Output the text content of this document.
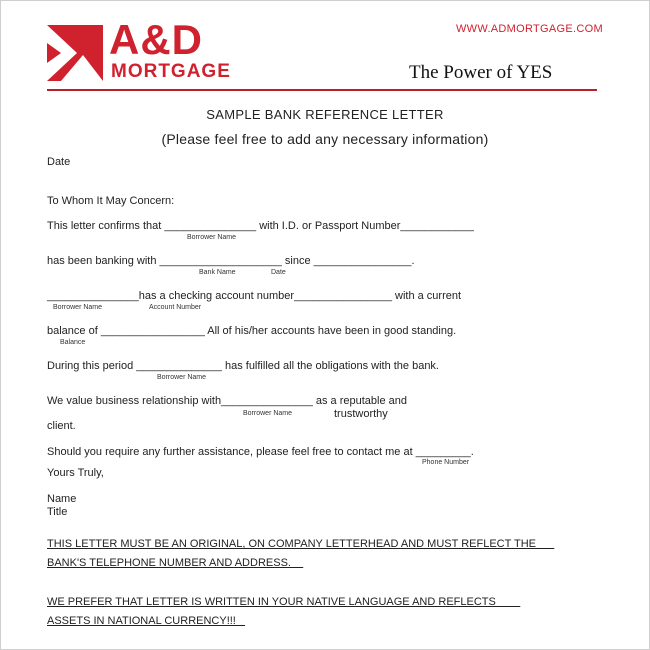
A&D
MORTGAGE
WWW.ADMORTGAGE.COM
The Power of YES
SAMPLE BANK REFERENCE LETTER
(Please feel free to add any necessary information)
Date
To Whom It May Concern:
This letter confirms that _______________ with I.D. or Passport Number____________
Borrower Name
has been banking with ____________________ since ________________.
Bank Name	Date
_______________has a checking account number________________ with a current
Borrower Name	Account Number
balance of _________________ All of his/her accounts have been in good standing.
Balance
During this period ______________ has fulfilled all the obligations with the bank.
Borrower Name
We value business relationship with_______________ as a reputable and
trustworthy
Borrower Name
client.
Should you require any further assistance, please feel free to contact me at _________.
Phone Number
Yours Truly,
Name
Title
THIS LETTER MUST BE AN ORIGINAL, ON COMPANY LETTERHEAD AND MUST REFLECT THE
BANK'S TELEPHONE NUMBER AND ADDRESS.
WE PREFER THAT LETTER IS WRITTEN IN YOUR NATIVE LANGUAGE AND REFLECTS
ASSETS IN NATIONAL CURRENCY!!!
